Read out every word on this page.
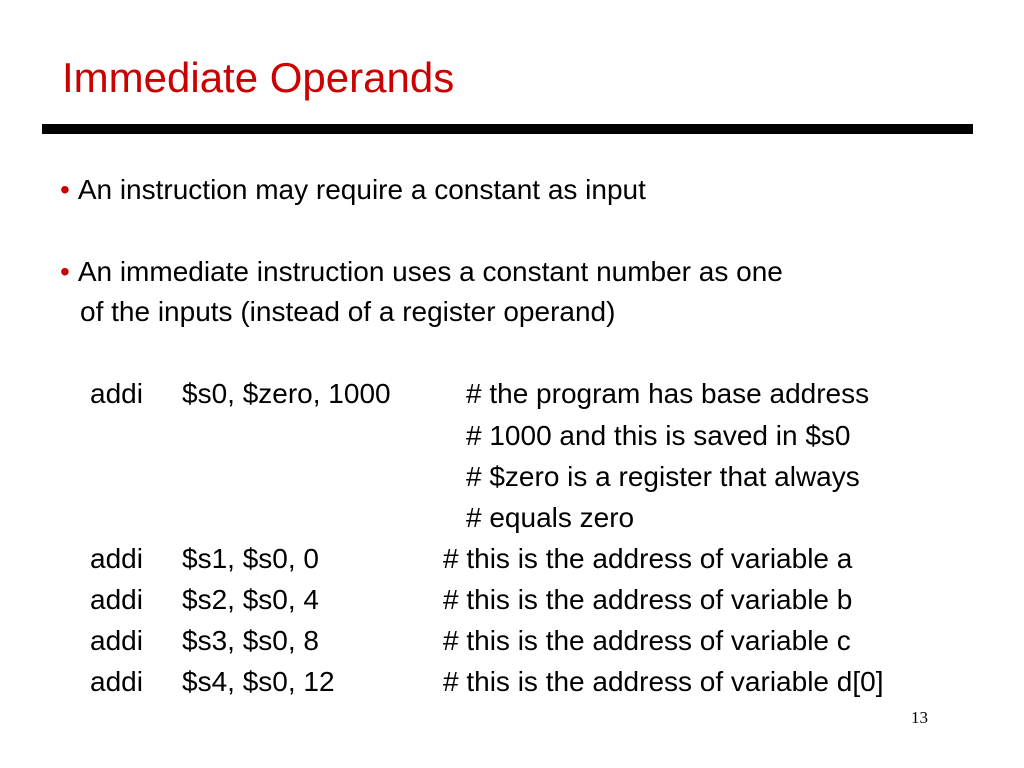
Immediate Operands
• An instruction may require a constant as input
• An immediate instruction uses a constant number as one
of the inputs (instead of a register operand)
addi $s0, $zero, 1000	# the program has base address
# 1000 and this is saved in $s0
# $zero is a register that always
# equals zero
addi $s1, $s0, 0	# this is the address of variable a
addi $s2, $s0, 4	# this is the address of variable b
addi $s3, $s0, 8	# this is the address of variable c
addi $s4, $s0, 12	# this is the address of variable d[0]
13
